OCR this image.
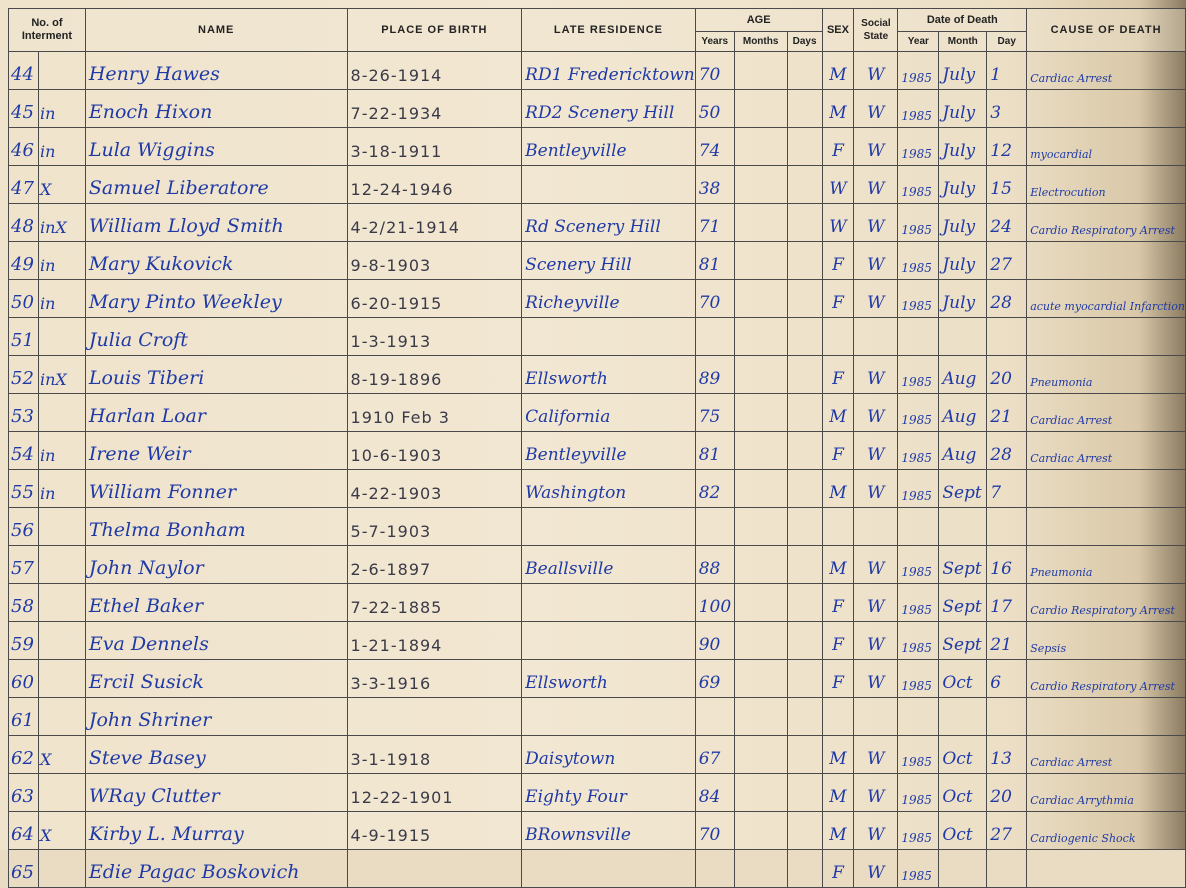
No. of Interment		NAME	PLACE OF BIRTH	LATE RESIDENCE	AGE			SEX	Social State	Date of Death			CAUSE OF DEATH
					Years	Months	Days			Year	Month	Day	
44		Henry Hawes	8-26-1914	RD1 Fredericktown	70			M	W	1985	July	1	Cardiac Arrest
45	in	Enoch Hixon	7-22-1934	RD2 Scenery Hill	50			M	W	1985	July	3	
46	in	Lula Wiggins	3-18-1911	Bentleyville	74			F	W	1985	July	12	myocardial
47	X	Samuel Liberatore	12-24-1946		38			W	W	1985	July	15	Electrocution
48	inX	William Lloyd Smith	4-2/21-1914	Rd Scenery Hill	71			W	W	1985	July	24	Cardio Respiratory Arrest
49	in	Mary Kukovick	9-8-1903	Scenery Hill	81			F	W	1985	July	27	
50	in	Mary Pinto Weekley	6-20-1915	Richeyville	70			F	W	1985	July	28	acute myocardial Infarction
51		Julia Croft	1-3-1913										
52	inX	Louis Tiberi	8-19-1896	Ellsworth	89			F	W	1985	Aug	20	Pneumonia
53		Harlan Loar	1910 Feb 3	California	75			M	W	1985	Aug	21	Cardiac Arrest
54	in	Irene Weir	10-6-1903	Bentleyville	81			F	W	1985	Aug	28	Cardiac Arrest
55	in	William Fonner	4-22-1903	Washington	82			M	W	1985	Sept	7	
56		Thelma Bonham	5-7-1903										
57		John Naylor	2-6-1897	Beallsville	88			M	W	1985	Sept	16	Pneumonia
58		Ethel Baker	7-22-1885		100			F	W	1985	Sept	17	Cardio Respiratory Arrest
59		Eva Dennels	1-21-1894		90			F	W	1985	Sept	21	Sepsis
60		Ercil Susick	3-3-1916	Ellsworth	69			F	W	1985	Oct	6	Cardio Respiratory Arrest
61		John Shriner											
62	X	Steve Basey	3-1-1918	Daisytown	67			M	W	1985	Oct	13	Cardiac Arrest
63		WRay Clutter	12-22-1901	Eighty Four	84			M	W	1985	Oct	20	Cardiac Arrythmia
64	X	Kirby L. Murray	4-9-1915	BRownsville	70			M	W	1985	Oct	27	Cardiogenic Shock
65		Edie Pagac Boskovich						F	W	1985			
